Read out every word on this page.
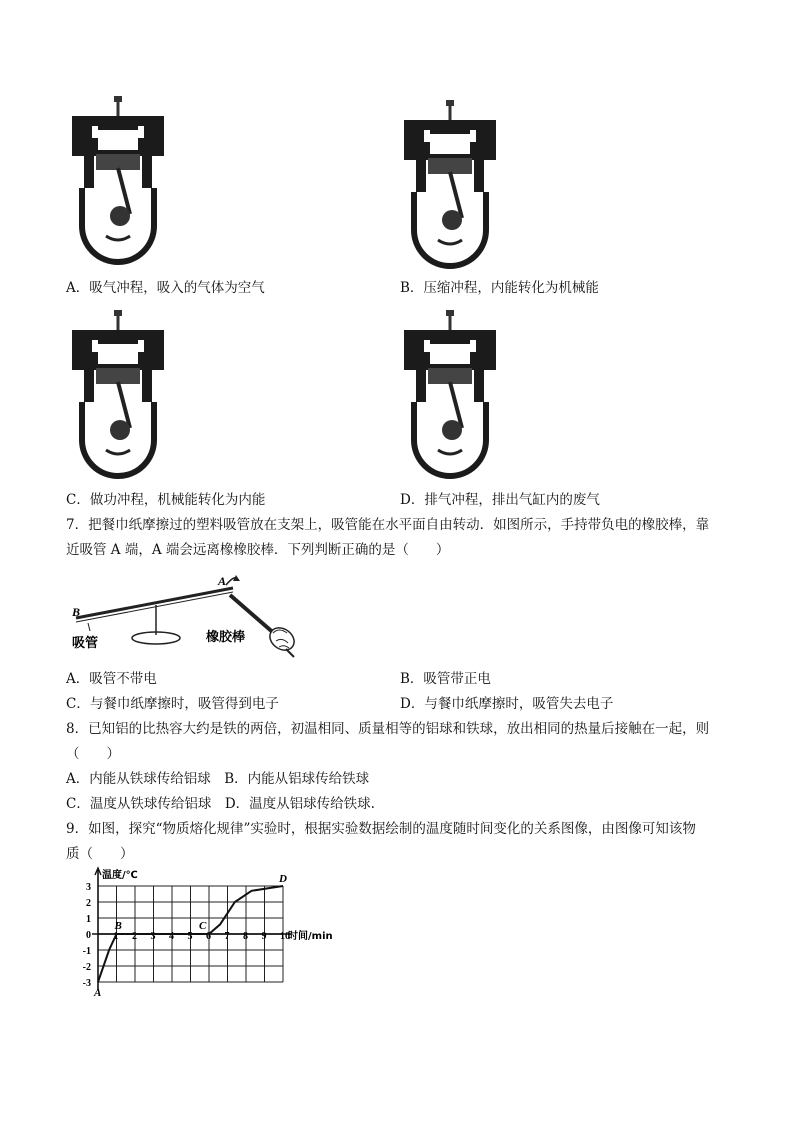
A．吸气冲程，吸入的气体为空气	B．压缩冲程，内能转化为机械能
C．做功冲程，机械能转化为内能	D．排气冲程，排出气缸内的废气
7．把餐巾纸摩擦过的塑料吸管放在支架上，吸管能在水平面自由转动．如图所示，手持带负电的橡胶棒，靠
近吸管 A 端，A 端会远离橡橡胶棒．下列判断正确的是（　　）
B
A
吸管	橡胶棒
A．吸管不带电	B．吸管带正电
C．与餐巾纸摩擦时，吸管得到电子	D．与餐巾纸摩擦时，吸管失去电子
8．已知铝的比热容大约是铁的两倍，初温相同、质量相等的铝球和铁球，放出相同的热量后接触在一起，则
（　　）
A．内能从铁球传给铝球　B．内能从铝球传给铁球
C．温度从铁球传给铝球　D．温度从铝球传给铁球.
9．如图，探究“物质熔化规律”实验时，根据实验数据绘制的温度随时间变化的关系图像，由图像可知该物
质（　　）
-3
-2
-1
1
2
3
0 1 2 3 4 5 6 7 8 9 10
温度/℃
时间/min
A
B	C
D
